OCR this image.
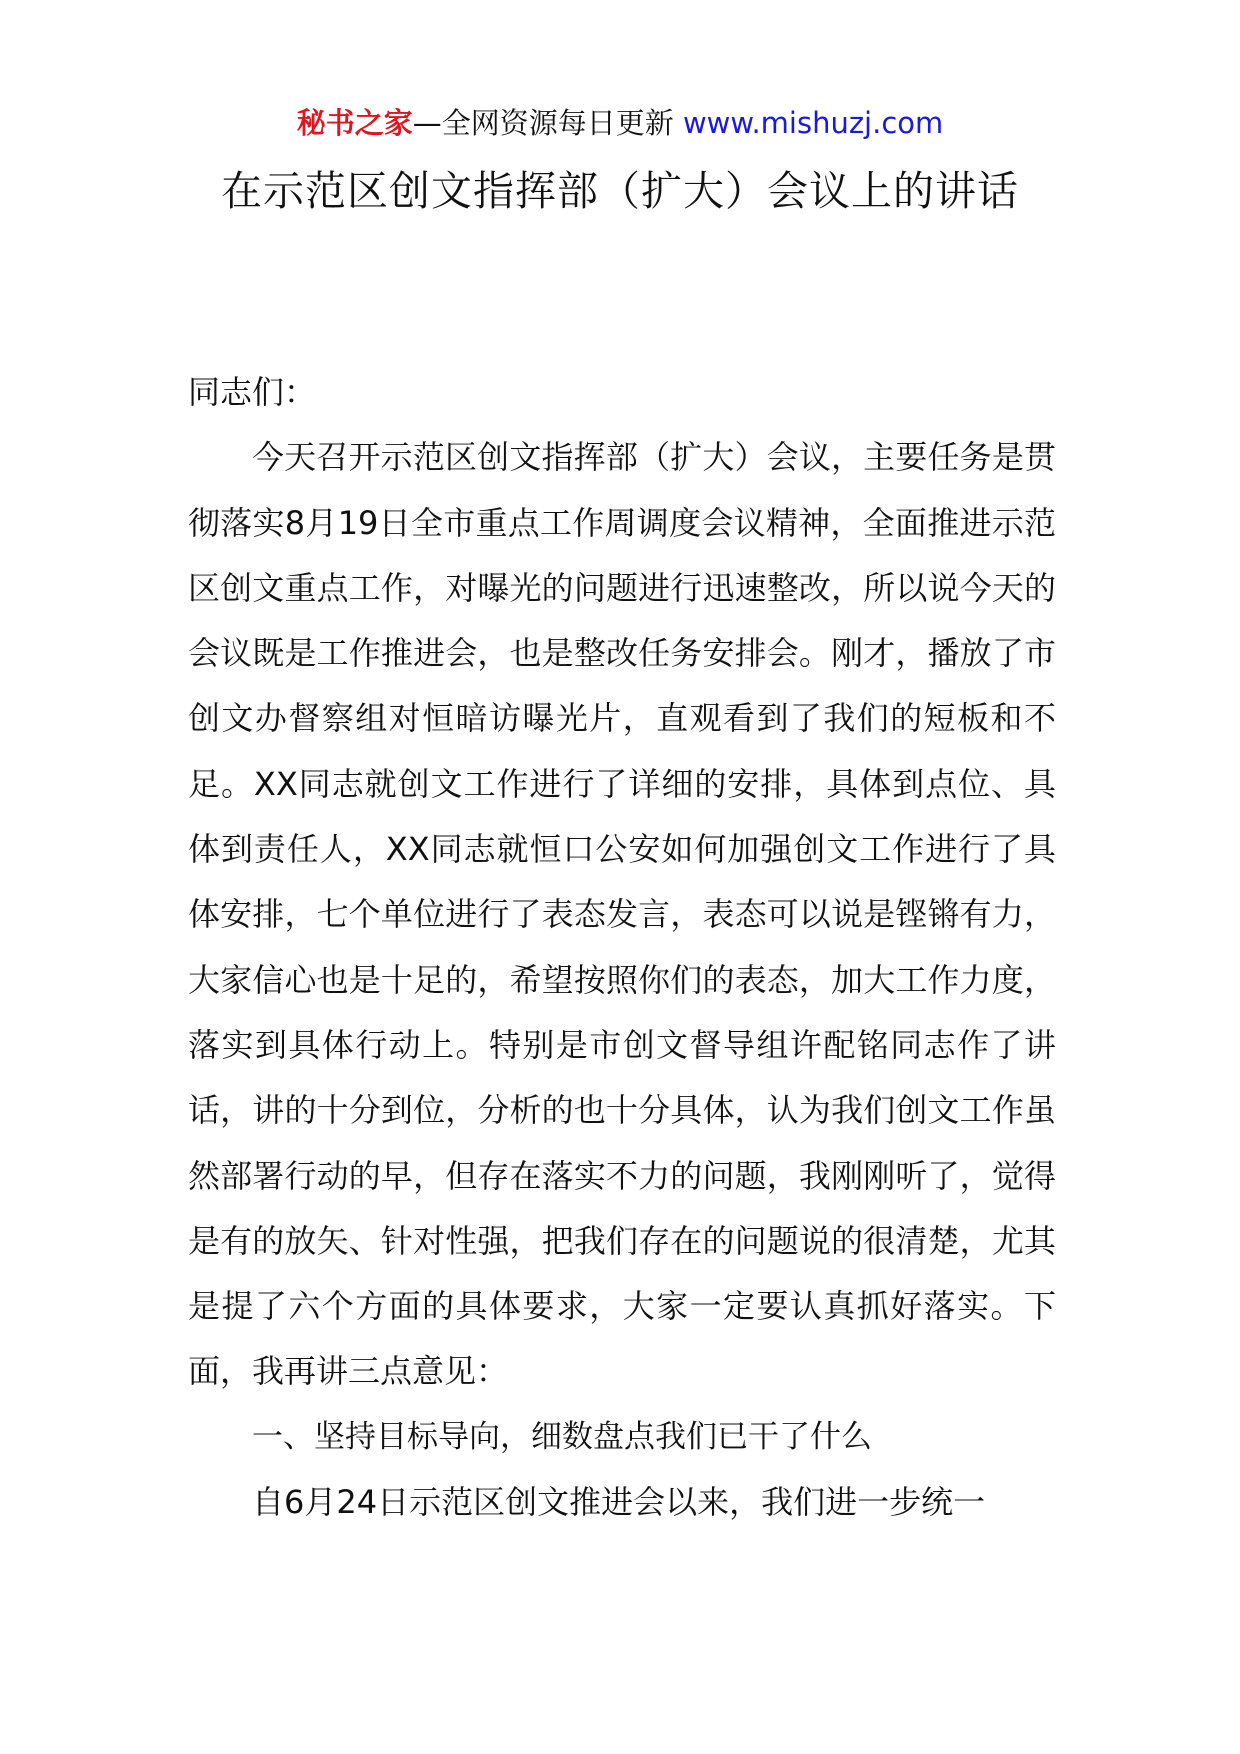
秘书之家—全网资源每日更新 www.mishuzj.com
在示范区创文指挥部（扩大）会议上的讲话

同志们：

今天召开示范区创文指挥部（扩大）会议，主要任务是贯彻落实8月19日全市重点工作周调度会议精神，全面推进示范区创文重点工作，对曝光的问题进行迅速整改，所以说今天的会议既是工作推进会，也是整改任务安排会。刚才，播放了市创文办督察组对恒暗访曝光片，直观看到了我们的短板和不足。XX同志就创文工作进行了详细的安排，具体到点位、具体到责任人，XX同志就恒口公安如何加强创文工作进行了具体安排，七个单位进行了表态发言，表态可以说是铿锵有力，大家信心也是十足的，希望按照你们的表态，加大工作力度，落实到具体行动上。特别是市创文督导组许配铭同志作了讲话，讲的十分到位，分析的也十分具体，认为我们创文工作虽然部署行动的早，但存在落实不力的问题，我刚刚听了，觉得是有的放矢、针对性强，把我们存在的问题说的很清楚，尤其是提了六个方面的具体要求，大家一定要认真抓好落实。下面，我再讲三点意见：

一、坚持目标导向，细数盘点我们已干了什么

自6月24日示范区创文推进会以来，我们进一步统一
